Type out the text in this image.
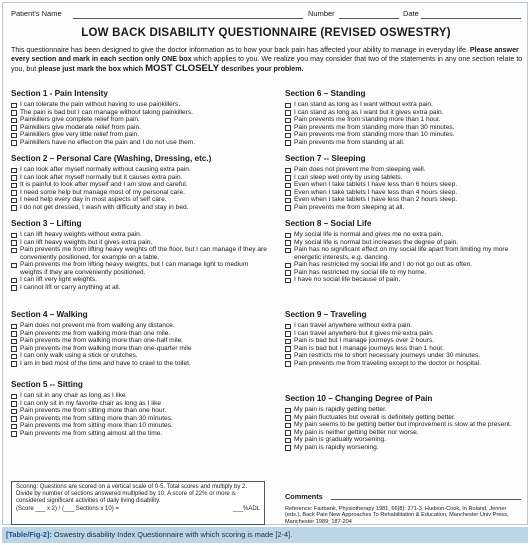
Patient's Name	Number	Date
LOW BACK DISABILITY QUESTIONNAIRE (REVISED OSWESTRY)
This questionnaire has been designed to give the doctor information as to how your back pain has affected your ability to manage in everyday life. Please answer every section and mark in each section only ONE box which applies to you. We realize you may consider that two of the statements in any one section relate to you, but please just mark the box which MOST CLOSELY describes your problem.
Section 1 - Pain Intensity
I can tolerate the pain without having to use painkillers.
The pain is bad but I can manage without taking painkillers.
Painkillers give complete relief from pain.
Painkillers give moderate relief from pain.
Painkillers give very little relief from pain.
Painkillers have no effect on the pain and I do not use them.
Section 2 – Personal Care (Washing, Dressing, etc.)
I can look after myself normally without causing extra pain.
I can look after myself normally but it causes extra pain.
It is painful to look after myself and I am slow and careful.
I need some help but manage most of my personal care.
I need help every day in most aspects of self care.
I do not get dressed, I wash with difficulty and stay in bed.
Section 3 – Lifting
I can lift heavy weights without extra pain.
I can lift heavy weights but it gives extra pain.
Pain prevents me from lifting heavy weights off the floor, but I can manage if they are conveniently positioned, for example on a table.
Pain prevents me from lifting heavy weights, but I can manage light to medium weights if they are conveniently positioned.
I can lift very light weights.
I cannot lift or carry anything at all.
Section 4 – Walking
Pain does not prevent me from walking any distance.
Pain prevents me from walking more than one mile.
Pain prevents me from walking more than one-half mile.
Pain prevents me from walking more than one-quarter mile
I can only walk using a stick or crutches.
I am in bed most of the time and have to crawl to the toilet.
Section 5 -- Sitting
I can sit in any chair as long as I like
I can only sit in my favorite chair as long as I like
Pain prevents me from sitting more than one hour.
Pain prevents me from sitting more than 30 minutes.
Pain prevents me from sitting more than 10 minutes.
Pain prevents me from sitting almost all the time.
Section 6 – Standing
I can stand as long as I want without extra pain.
I can stand as long as I want but it gives extra pain.
Pain prevents me from standing more than 1 hour.
Pain prevents me from standing more than 30 minutes.
Pain prevents me from standing more than 10 minutes.
Pain prevents me from standing at all.
Section 7 -- Sleeping
Pain does not prevent me from sleeping well.
I can sleep well only by using tablets.
Even when I take tablets I have less than 6 hours sleep.
Even when I take tablets I have less than 4 hours sleep.
Even when I take tablets I have less than 2 hours sleep.
Pain prevents me from sleeping at all.
Section 8 – Social Life
My social life is normal and gives me no extra pain.
My social life is normal but increases the degree of pain.
Pain has no significant effect on my social life apart from limiting my more energetic interests, e.g. dancing.
Pain has restricted my social life and I do not go out as often.
Pain has restricted my social life to my home.
I have no social life because of pain.
Section 9 – Traveling
I can travel anywhere without extra pain.
I can travel anywhere but it gives me extra pain.
Pain is bad but I manage journeys over 2 hours.
Pain is bad but I manage journeys less than 1 hour.
Pain restricts me to short necessary journeys under 30 minutes.
Pain prevents me from traveling except to the doctor or hospital.
Section 10 – Changing Degree of Pain
My pain is rapidly getting better.
My pain fluctuates but overall is definitely getting better.
My pain seems to be getting better but improvement is slow at the present.
My pain is neither getting better nor worse.
My pain is gradually worsening.
My pain is rapidly worsening.
Scoring: Questions are scored on a vertical scale of 0-5. Total scores and multiply by 2. Divide by number of sections answered multiplied by 10. A score of 22% or more is considered significant activities of daily living disability.
(Score ___ x 2) / (___ Sections x 10) =	___%ADL
Comments
Reference: Fairbank, Physiotherapy 1981; 66(8): 271-3. Hudson-Cook, In Roland, Jenner (eds.), Back Pain New Approaches To Rehabilitation & Education, Manchester Univ Press, Manchester 1989; 187-204
[Table/Fig-2]: Oswestry disability Index Questionnaire with which scoring is made [2-4].
